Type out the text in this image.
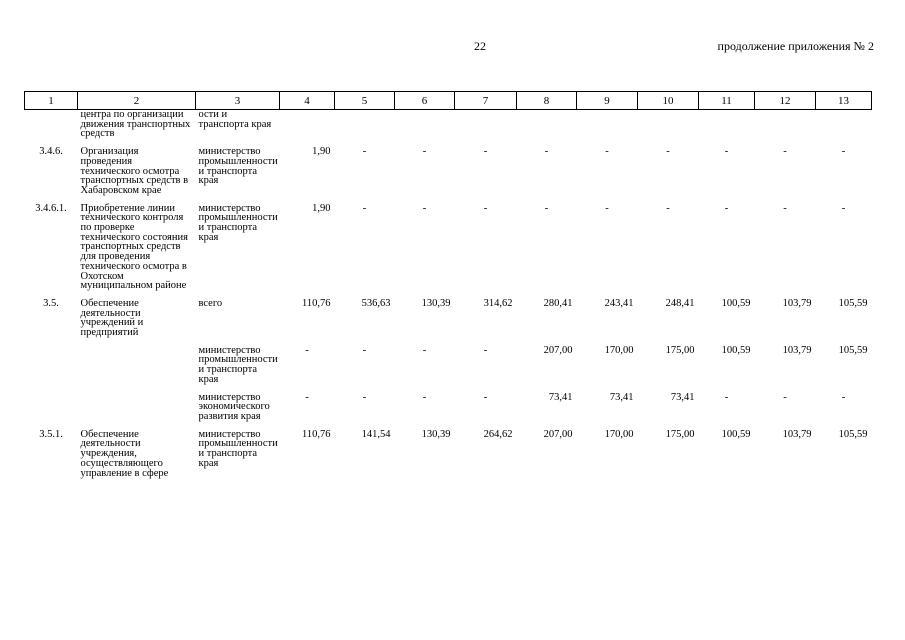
22	продолжение приложения № 2
1	2	3	4	5	6	7	8	9	10	11	12	13
	центра по организации движения транспортных средств	ости и транспорта края										

3.4.6.	Организация проведения технического осмотра транспортных средств в Хабаровском крае	министерство промышленности и транспорта края	1,90	-	-	-	-	-	-	-	-	-

3.4.6.1.	Приобретение линии технического контроля по проверке технического состояния транспортных средств для проведения технического осмотра в Охотском муниципальном районе	министерство промышленности и транспорта края	1,90	-	-	-	-	-	-	-	-	-

3.5.	Обеспечение деятельности учреждений и предприятий	всего	110,76	536,63	130,39	314,62	280,41	243,41	248,41	100,59	103,79	105,59

		министерство промышленности и транспорта края	-	-	-	-	207,00	170,00	175,00	100,59	103,79	105,59

		министерство экономического развития края	-	-	-	-	73,41	73,41	73,41	-	-	-

3.5.1.	Обеспечение деятельности учреждения, осуществляющего управление в сфере	министерство промышленности и транспорта края	110,76	141,54	130,39	264,62	207,00	170,00	175,00	100,59	103,79	105,59
